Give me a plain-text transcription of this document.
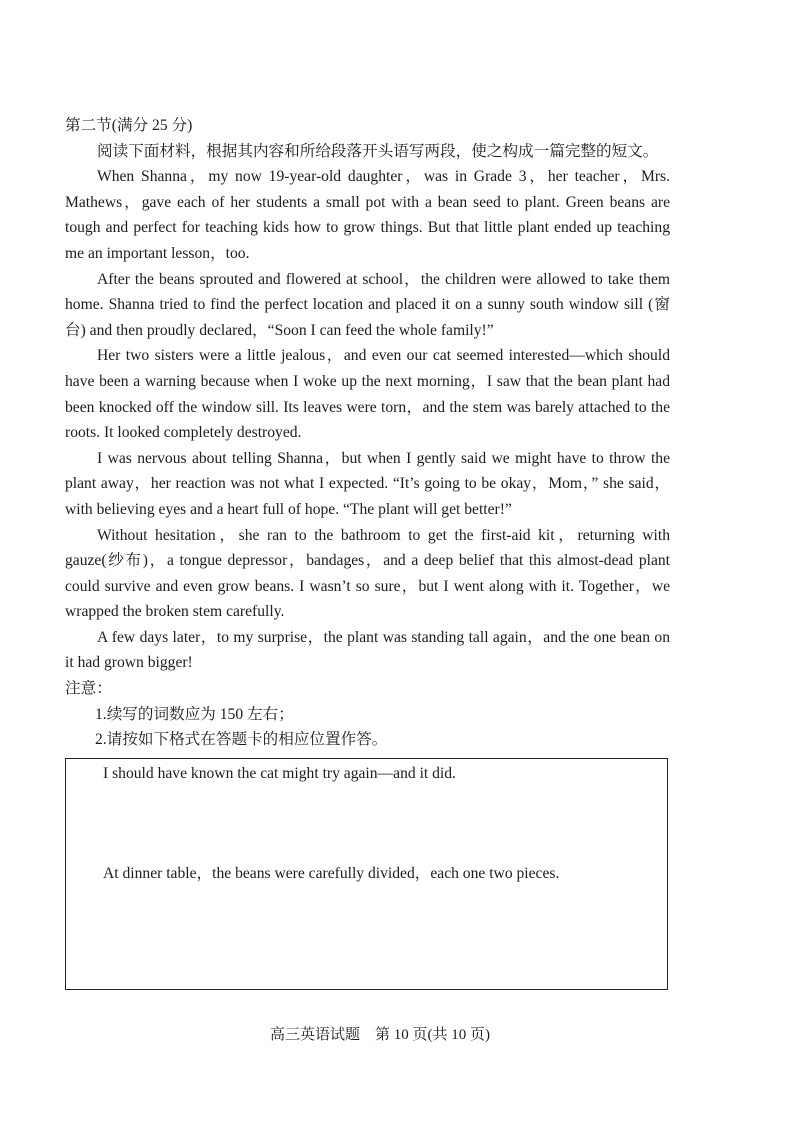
第二节(满分 25 分)

阅读下面材料，根据其内容和所给段落开头语写两段，使之构成一篇完整的短文。

When Shanna，my now 19-year-old daughter，was in Grade 3，her teacher，Mrs. Mathews，gave each of her students a small pot with a bean seed to plant. Green beans are tough and perfect for teaching kids how to grow things. But that little plant ended up teaching me an important lesson，too.

After the beans sprouted and flowered at school，the children were allowed to take them home. Shanna tried to find the perfect location and placed it on a sunny south window sill (窗台) and then proudly declared，“Soon I can feed the whole family!”

Her two sisters were a little jealous，and even our cat seemed interested—which should have been a warning because when I woke up the next morning，I saw that the bean plant had been knocked off the window sill. Its leaves were torn，and the stem was barely attached to the roots. It looked completely destroyed.

I was nervous about telling Shanna，but when I gently said we might have to throw the plant away，her reaction was not what I expected. “It’s going to be okay，Mom，” she said，with believing eyes and a heart full of hope. “The plant will get better!”

Without hesitation，she ran to the bathroom to get the first-aid kit，returning with gauze(纱布)，a tongue depressor，bandages，and a deep belief that this almost-dead plant could survive and even grow beans. I wasn’t so sure，but I went along with it. Together，we wrapped the broken stem carefully.

A few days later，to my surprise，the plant was standing tall again，and the one bean on it had grown bigger!

注意：

1.续写的词数应为 150 左右；

2.请按如下格式在答题卡的相应位置作答。

I should have known the cat might try again—and it did.

At dinner table，the beans were carefully divided，each one two pieces.

高三英语试题　第 10 页(共 10 页)
